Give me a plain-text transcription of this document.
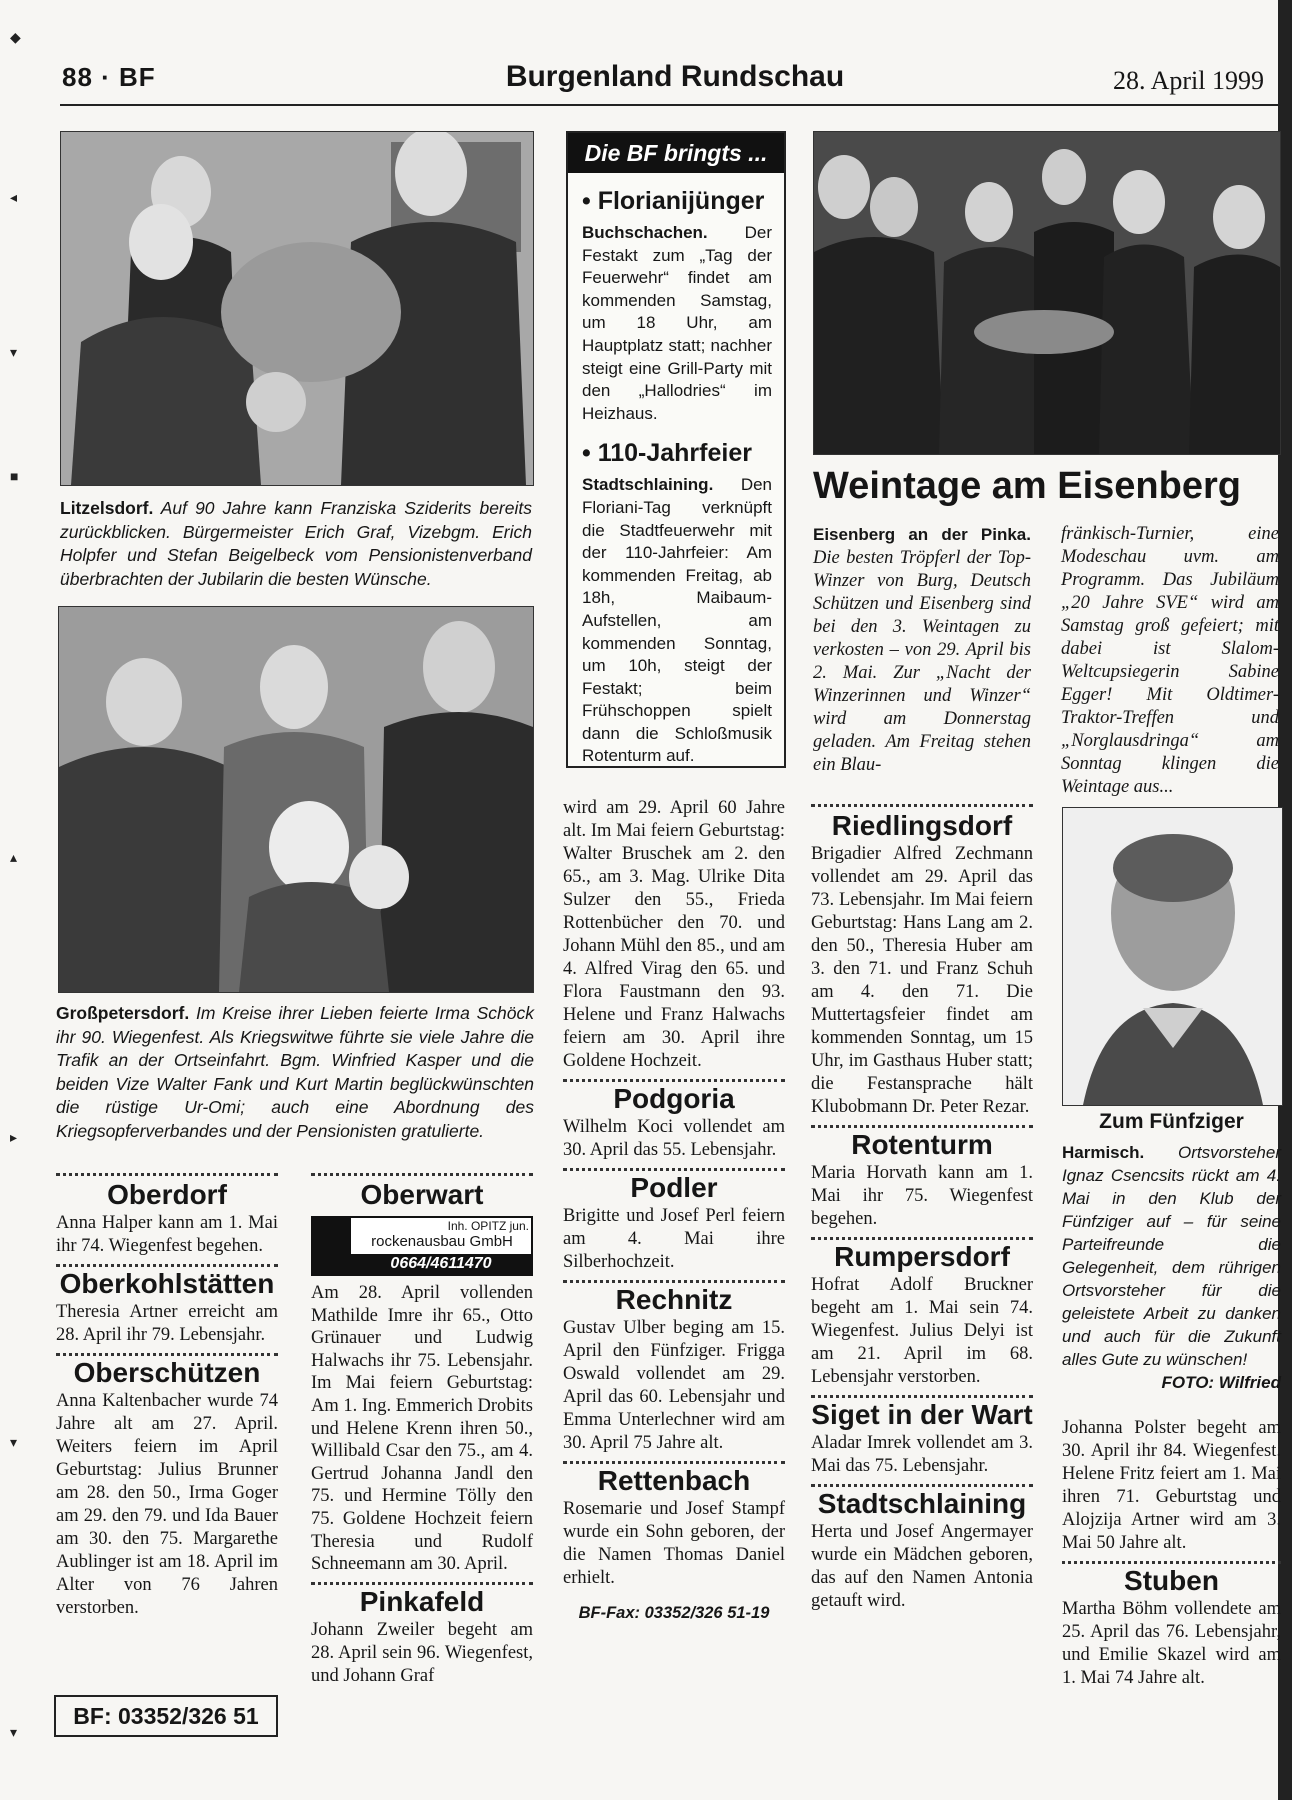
◆
◂
▾
■
▴
▸
▾
▾
88 · BF	Burgenland Rundschau	28. April 1999
Litzelsdorf. Auf 90 Jahre kann Franziska Sziderits bereits zurückblicken. Bürgermeister Erich Graf, Vizebgm. Erich Holpfer und Stefan Beigelbeck vom Pensionistenverband überbrachten der Jubilarin die besten Wünsche.
Großpetersdorf. Im Kreise ihrer Lieben feierte Irma Schöck ihr 90. Wiegenfest. Als Kriegswitwe führte sie viele Jahre die Trafik an der Ortseinfahrt. Bgm. Winfried Kasper und die beiden Vize Walter Fank und Kurt Martin beglückwünschten die rüstige Ur-Omi; auch eine Abordnung des Kriegsopferverbandes und der Pensionisten gratulierte.
Oberdorf
Anna Halper kann am 1. Mai ihr 74. Wiegenfest begehen.
Oberkohlstätten
Theresia Artner erreicht am 28. April ihr 79. Lebensjahr.
Oberschützen
Anna Kaltenbacher wurde 74 Jahre alt am 27. April. Weiters feiern im April Geburtstag: Julius Brunner am 28. den 50., Irma Goger am 29. den 79. und Ida Bauer am 30. den 75. Margarethe Aublinger ist am 18. April im Alter von 76 Jahren verstorben.
BF: 03352/326 51
Oberwart
Inh. OPITZ jun.
rockenausbau GmbH
0664/4611470
Am 28. April vollenden Mathilde Imre ihr 65., Otto Grünauer und Ludwig Halwachs ihr 75. Lebensjahr. Im Mai feiern Geburtstag: Am 1. Ing. Emmerich Drobits und Helene Krenn ihren 50., Willibald Csar den 75., am 4. Gertrud Johanna Jandl den 75. und Hermine Tölly den 75. Goldene Hochzeit feiern Theresia und Rudolf Schneemann am 30. April.
Pinkafeld
Johann Zweiler begeht am 28. April sein 96. Wiegenfest, und Johann Graf
Die BF bringts ...
• Florianijünger
Buchschachen. Der Festakt zum „Tag der Feuerwehr“ findet am kommenden Samstag, um 18 Uhr, am Hauptplatz statt; nachher steigt eine Grill-Party mit den „Hallodries“ im Heizhaus.
• 110-Jahrfeier
Stadtschlaining. Den Floriani-Tag verknüpft die Stadtfeuerwehr mit der 110-Jahrfeier: Am kommenden Freitag, ab 18h, Maibaum-Aufstellen, am kommenden Sonntag, um 10h, steigt der Festakt; beim Frühschoppen spielt dann die Schloßmusik Rotenturm auf.
wird am 29. April 60 Jahre alt. Im Mai feiern Geburtstag: Walter Bruschek am 2. den 65., am 3. Mag. Ulrike Dita Sulzer den 55., Frieda Rottenbücher den 70. und Johann Mühl den 85., und am 4. Alfred Virag den 65. und Flora Faustmann den 93. Helene und Franz Halwachs feiern am 30. April ihre Goldene Hochzeit.
Podgoria
Wilhelm Koci vollendet am 30. April das 55. Lebensjahr.
Podler
Brigitte und Josef Perl feiern am 4. Mai ihre Silberhochzeit.
Rechnitz
Gustav Ulber beging am 15. April den Fünfziger. Frigga Oswald vollendet am 29. April das 60. Lebensjahr und Emma Unterlechner wird am 30. April 75 Jahre alt.
Rettenbach
Rosemarie und Josef Stampf wurde ein Sohn geboren, der die Namen Thomas Daniel erhielt.
BF-Fax: 03352/326 51-19
Weintage am Eisenberg
Eisenberg an der Pinka. Die besten Tröpferl der Top-Winzer von Burg, Deutsch Schützen und Eisenberg sind bei den 3. Weintagen zu verkosten – von 29. April bis 2. Mai. Zur „Nacht der Winzerinnen und Winzer“ wird am Donnerstag geladen. Am Freitag stehen ein Blau-
fränkisch-Turnier, eine Modeschau uvm. am Programm. Das Jubiläum „20 Jahre SVE“ wird am Samstag groß gefeiert; mit dabei ist Slalom-Weltcupsiegerin Sabine Egger! Mit Oldtimer-Traktor-Treffen und „Norglausdringa“ am Sonntag klingen die Weintage aus...
Riedlingsdorf
Brigadier Alfred Zechmann vollendet am 29. April das 73. Lebensjahr. Im Mai feiern Geburtstag: Hans Lang am 2. den 50., Theresia Huber am 3. den 71. und Franz Schuh am 4. den 71. Die Muttertagsfeier findet am kommenden Sonntag, um 15 Uhr, im Gasthaus Huber statt; die Festansprache hält Klubobmann Dr. Peter Rezar.
Rotenturm
Maria Horvath kann am 1. Mai ihr 75. Wiegenfest begehen.
Rumpersdorf
Hofrat Adolf Bruckner begeht am 1. Mai sein 74. Wiegenfest. Julius Delyi ist am 21. April im 68. Lebensjahr verstorben.
Siget in der Wart
Aladar Imrek vollendet am 3. Mai das 75. Lebensjahr.
Stadtschlaining
Herta und Josef Angermayer wurde ein Mädchen geboren, das auf den Namen Antonia getauft wird.
Zum Fünfziger
Harmisch. Ortsvorsteher Ignaz Csencsits rückt am 4. Mai in den Klub der Fünfziger auf – für seine Parteifreunde die Gelegenheit, dem rührigen Ortsvorsteher für die geleistete Arbeit zu danken und auch für die Zukunft alles Gute zu wünschen!
FOTO: Wilfried
Johanna Polster begeht am 30. April ihr 84. Wiegenfest. Helene Fritz feiert am 1. Mai ihren 71. Geburtstag und Alojzija Artner wird am 3. Mai 50 Jahre alt.
Stuben
Martha Böhm vollendete am 25. April das 76. Lebensjahr, und Emilie Skazel wird am 1. Mai 74 Jahre alt.
